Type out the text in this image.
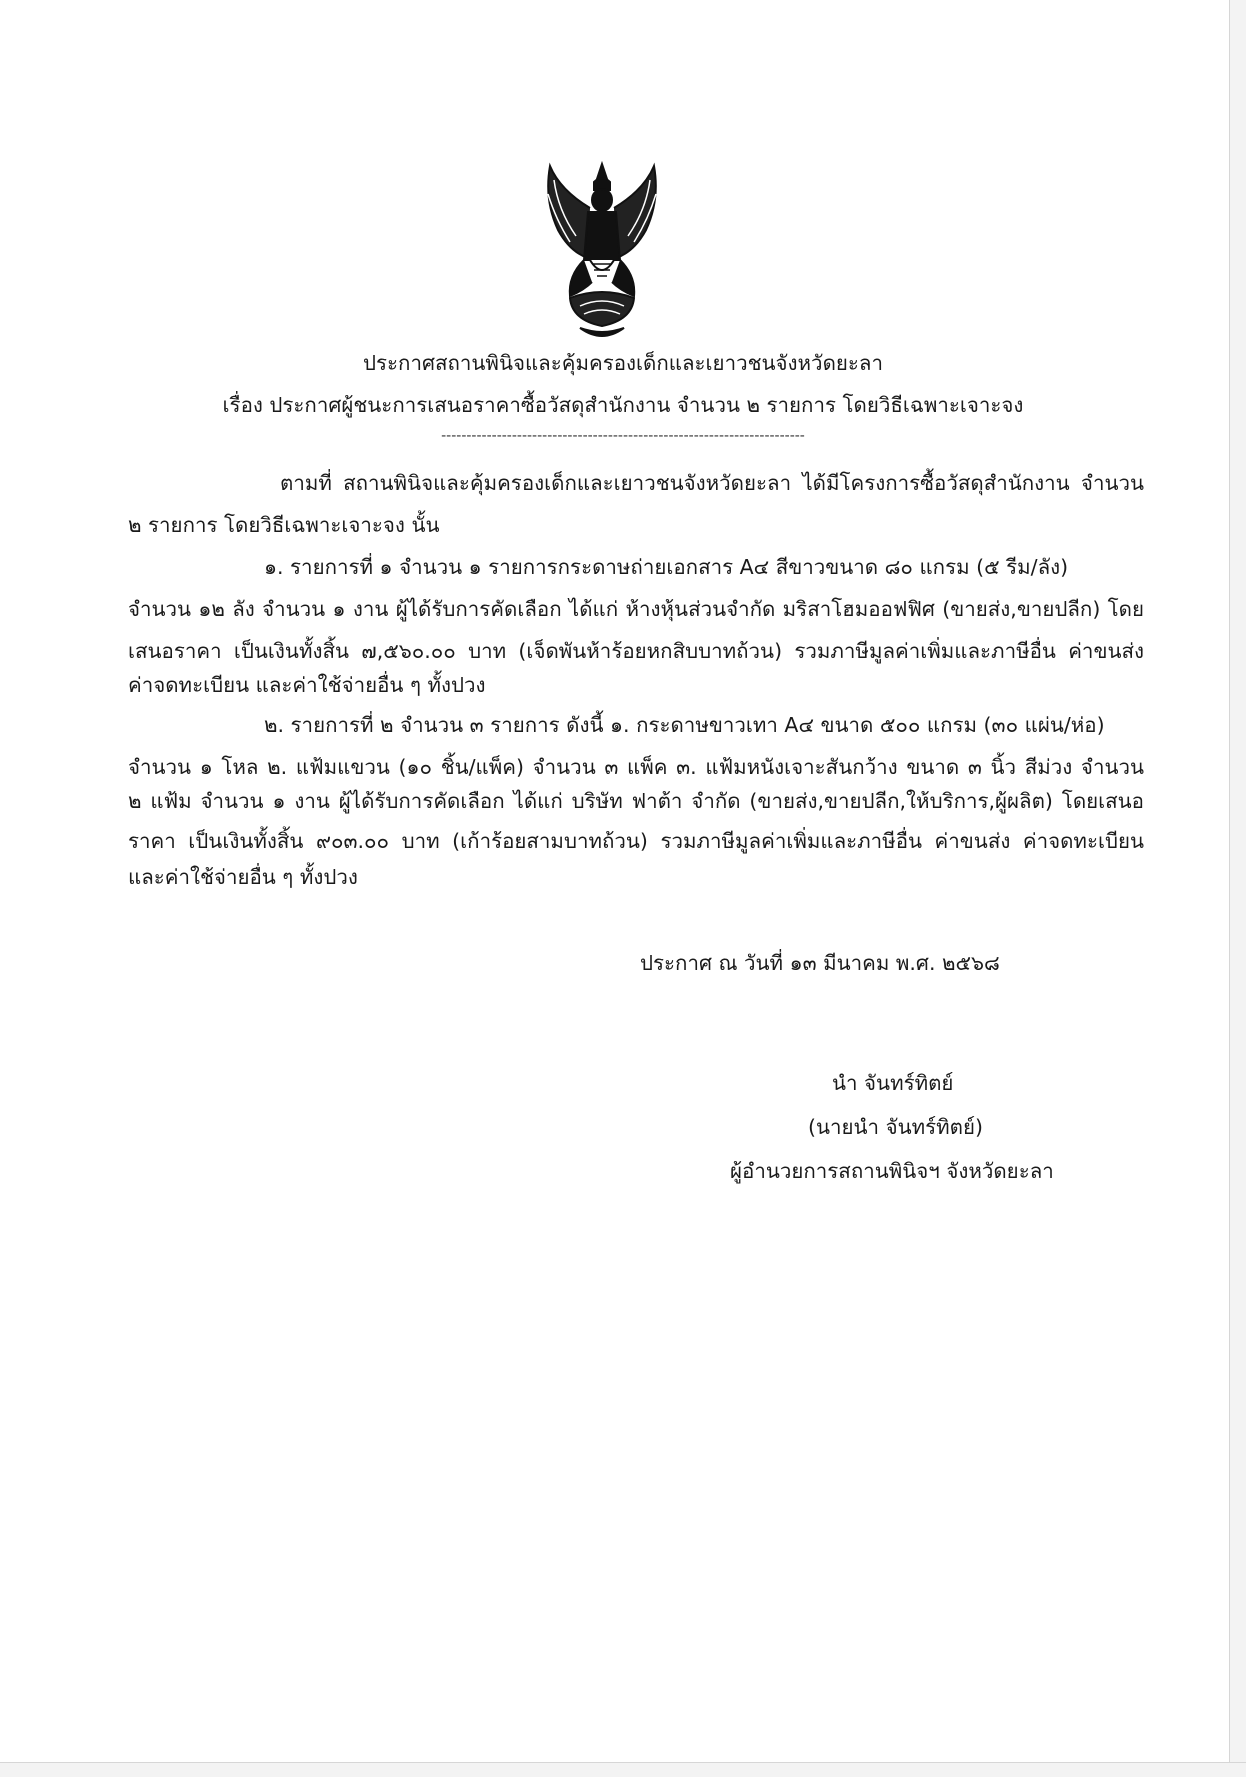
ประกาศสถานพินิจและคุ้มครองเด็กและเยาวชนจังหวัดยะลา
เรื่อง ประกาศผู้ชนะการเสนอราคาซื้อวัสดุสำนักงาน จำนวน ๒ รายการ โดยวิธีเฉพาะเจาะจง
------------------------------------------------------------------------
ตามที่ สถานพินิจและคุ้มครองเด็กและเยาวชนจังหวัดยะลา ได้มีโครงการซื้อวัสดุสำนักงาน จำนวน
๒ รายการ โดยวิธีเฉพาะเจาะจง นั้น
๑. รายการที่ ๑ จำนวน ๑ รายการกระดาษถ่ายเอกสาร A๔ สีขาวขนาด ๘๐ แกรม (๕ รีม/ลัง)
จำนวน ๑๒ ลัง จำนวน ๑ งาน ผู้ได้รับการคัดเลือก ได้แก่ ห้างหุ้นส่วนจำกัด มริสาโฮมออฟฟิศ (ขายส่ง,ขายปลีก) โดย
เสนอราคา เป็นเงินทั้งสิ้น ๗,๕๖๐.๐๐ บาท (เจ็ดพันห้าร้อยหกสิบบาทถ้วน) รวมภาษีมูลค่าเพิ่มและภาษีอื่น ค่าขนส่ง
ค่าจดทะเบียน และค่าใช้จ่ายอื่น ๆ ทั้งปวง
๒. รายการที่ ๒ จำนวน ๓ รายการ ดังนี้ ๑. กระดาษขาวเทา A๔ ขนาด ๕๐๐ แกรม (๓๐ แผ่น/ห่อ)
จำนวน ๑ โหล ๒. แฟ้มแขวน (๑๐ ชิ้น/แพ็ค) จำนวน ๓ แพ็ค ๓. แฟ้มหนังเจาะสันกว้าง ขนาด ๓ นิ้ว สีม่วง จำนวน
๒ แฟ้ม จำนวน ๑ งาน ผู้ได้รับการคัดเลือก ได้แก่ บริษัท ฟาต้า จำกัด (ขายส่ง,ขายปลีก,ให้บริการ,ผู้ผลิต) โดยเสนอ
ราคา เป็นเงินทั้งสิ้น ๙๐๓.๐๐ บาท (เก้าร้อยสามบาทถ้วน) รวมภาษีมูลค่าเพิ่มและภาษีอื่น ค่าขนส่ง ค่าจดทะเบียน
และค่าใช้จ่ายอื่น ๆ ทั้งปวง
ประกาศ ณ วันที่ ๑๓ มีนาคม พ.ศ. ๒๕๖๘
นำ จันทร์ทิตย์
(นายนำ จันทร์ทิตย์)
ผู้อำนวยการสถานพินิจฯ จังหวัดยะลา
